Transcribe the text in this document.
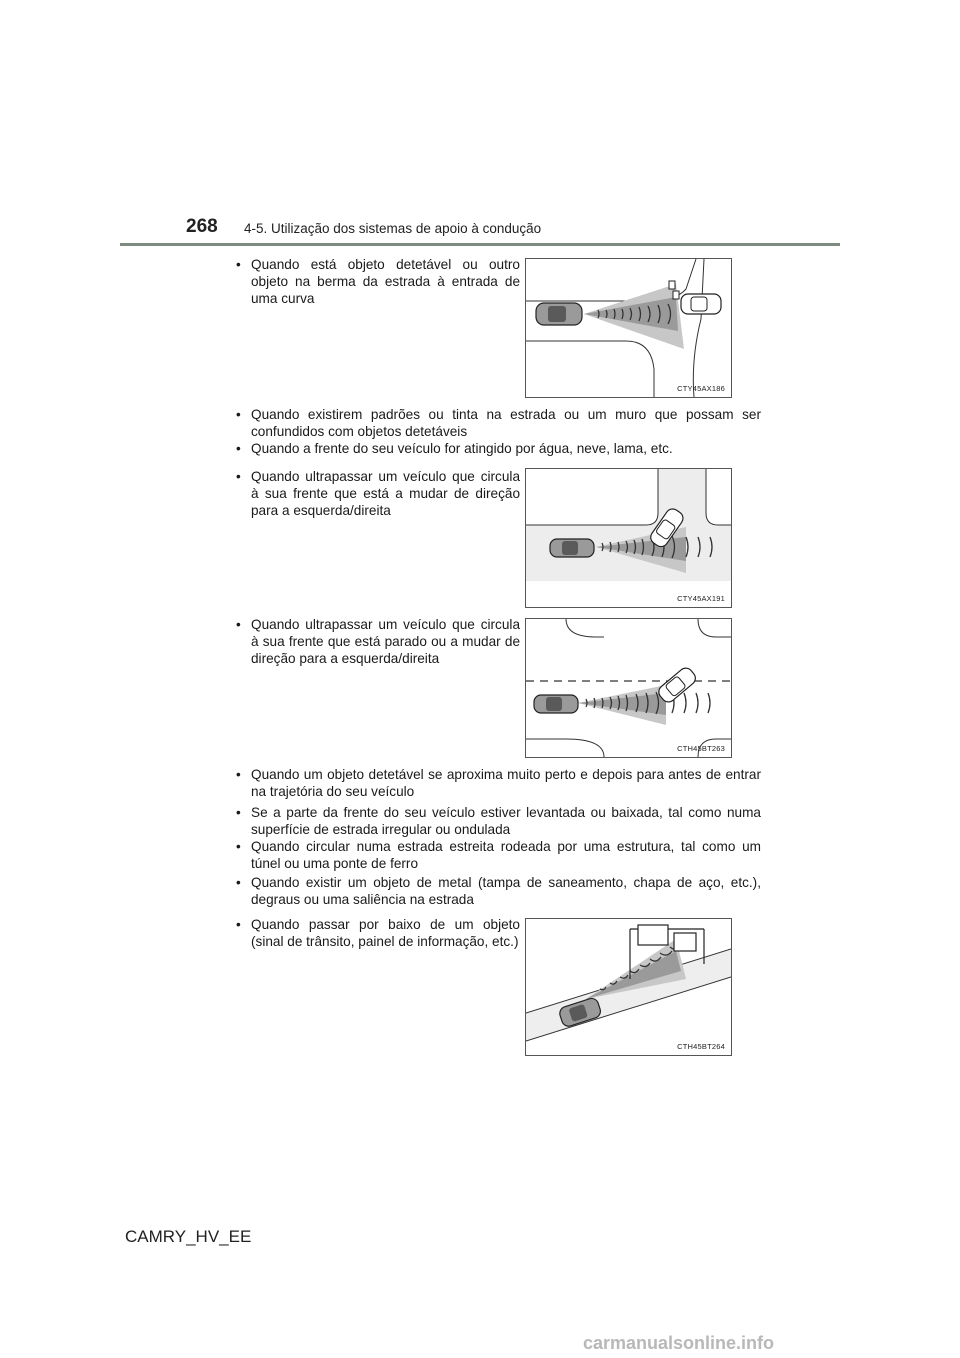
268 4-5. Utilização dos sistemas de apoio à condução
• Quando está objeto detetável ou outro objeto na berma da estrada à entrada de uma curva
CTY45AX186
• Quando existirem padrões ou tinta na estrada ou um muro que possam ser confundidos com objetos detetáveis
• Quando a frente do seu veículo for atingido por água, neve, lama, etc.
• Quando ultrapassar um veículo que circula à sua frente que está a mudar de direção para a esquerda/direita
CTY45AX191
• Quando ultrapassar um veículo que circula à sua frente que está parado ou a mudar de direção para a esquerda/direita
CTH45BT263
• Quando um objeto detetável se aproxima muito perto e depois para antes de entrar na trajetória do seu veículo
• Se a parte da frente do seu veículo estiver levantada ou baixada, tal como numa superfície de estrada irregular ou ondulada
• Quando circular numa estrada estreita rodeada por uma estrutura, tal como um túnel ou uma ponte de ferro
• Quando existir um objeto de metal (tampa de saneamento, chapa de aço, etc.), degraus ou uma saliência na estrada
• Quando passar por baixo de um objeto (sinal de trânsito, painel de informação, etc.)
CTH45BT264
CAMRY_HV_EE
carmanualsonline.info
